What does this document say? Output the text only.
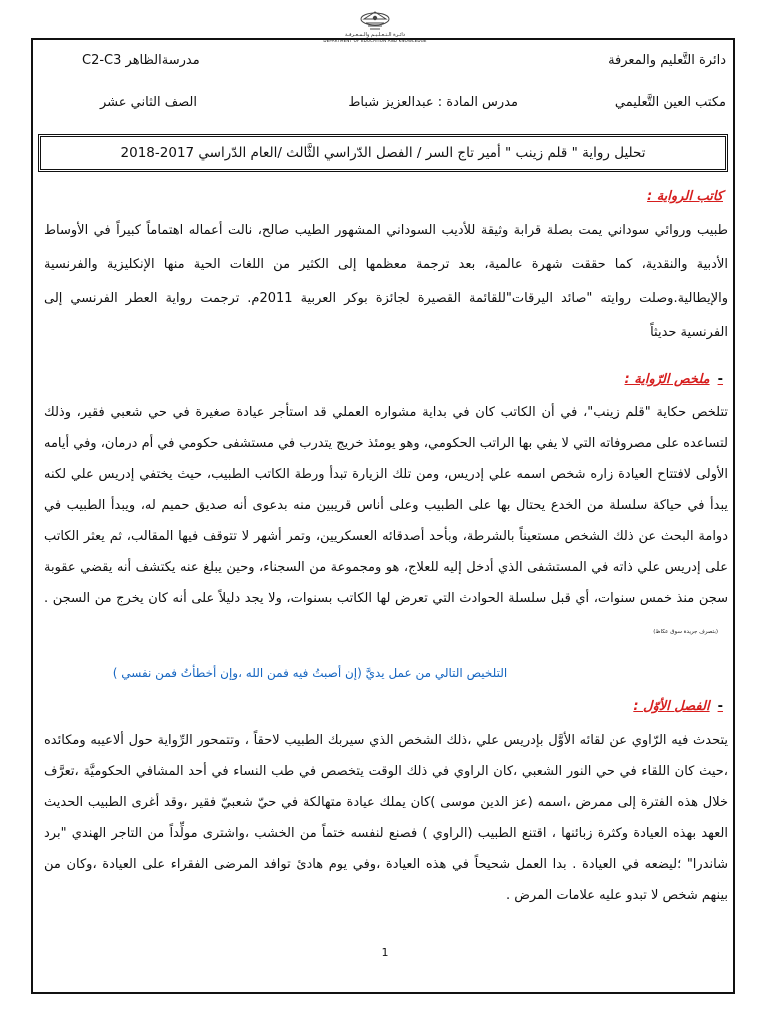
دائـرة الـتـعـلـيـم والـمـعـرفـة
DEPARTMENT OF EDUCATION AND KNOWLEDGE
دائرة التَّعليم والمعرفة
مدرسةالظاهر C2-C3
مكتب العين التَّعليمي
مدرس المادة : عبدالعزيز شباط
الصف الثاني عشر
تحليل رواية " قلم زينب " أمير تاج السر / الفصل الدّراسي الثَّالث /العام الدّراسي 2017-2018
كاتب الرواية :
طبيب وروائي سوداني يمت بصلة قرابة وثيقة للأديب السوداني المشهور الطيب صالح، نالت أعماله اهتماماً كبيراً في الأوساط الأدبية والنقدية، كما حققت شهرة عالمية، بعد ترجمة معظمها إلى الكثير من اللغات الحية منها الإنكليزية والفرنسية والإيطالية.وصلت روايته "صائد اليرقات"للقائمة القصيرة لجائزة بوكر العربية 2011م. ترجمت رواية العطر الفرنسي إلى الفرنسية حديثاً
-ملخص الرّواية :
تتلخص حكاية "قلم زينب"، في أن الكاتب كان في بداية مشواره العملي قد استأجر عيادة صغيرة في حي شعبي فقير، وذلك لتساعده على مصروفاته التي لا يفي بها الراتب الحكومي، وهو يومئذ خريج يتدرب في مستشفى حكومي في أم درمان، وفي أيامه الأولى لافتتاح العيادة زاره شخص اسمه علي إدريس، ومن تلك الزيارة تبدأ ورطة الكاتب الطبيب، حيث يختفي إدريس علي لكنه يبدأ في حياكة سلسلة من الخدع يحتال بها على الطبيب وعلى أناس قريبين منه بدعوى أنه صديق حميم له، ويبدأ الطبيب في دوامة البحث عن ذلك الشخص مستعيناً بالشرطة، وبأحد أصدقائه العسكريين، وتمر أشهر لا تتوقف فيها المقالب، ثم يعثر الكاتب على إدريس علي ذاته في المستشفى الذي أدخل إليه للعلاج، هو ومجموعة من السجناء، وحين يبلغ عنه يكتشف أنه يقضي عقوبة سجن منذ خمس سنوات، أي قبل سلسلة الحوادث التي تعرض لها الكاتب بسنوات، ولا يجد دليلاً على أنه كان يخرج من السجن .(بتصرف جريدة سوق عكاظ)
التلخيص التالي من عمل يديَّ (إن أصبتُ فيه فمن الله ،وإن أخطأتُ فمن نفسي )
-الفصل الأوّل :
يتحدث فيه الرّاوي عن لقائه الأوَّل بإدريس علي ،ذلك الشخص الذي سيربك الطبيب لاحقاً ، وتتمحور الرِّواية حول ألاعيبه ومكائده ،حيث كان اللقاء في حي النور الشعبي ،كان الراوي في ذلك الوقت يتخصص في طب النساء في أحد المشافي الحكوميَّة ،تعرَّف خلال هذه الفترة إلى ممرض ،اسمه (عز الدين موسى )كان يملك عيادة متهالكة في حيّ شعبيّ فقير ،وقد أغرى الطبيب الحديث العهد بهذه العيادة وكثرة زبائنها ، اقتنع الطبيب (الراوي ) فصنع لنفسه ختماً من الخشب ،واشترى مولِّداً من التاجر الهندي "برد شاندرا" ؛ليضعه في العيادة . بدا العمل شحيحاً في هذه العيادة ،وفي يوم هادئ توافد المرضى الفقراء على العيادة ،وكان من بينهم شخص لا تبدو عليه علامات المرض .
1
